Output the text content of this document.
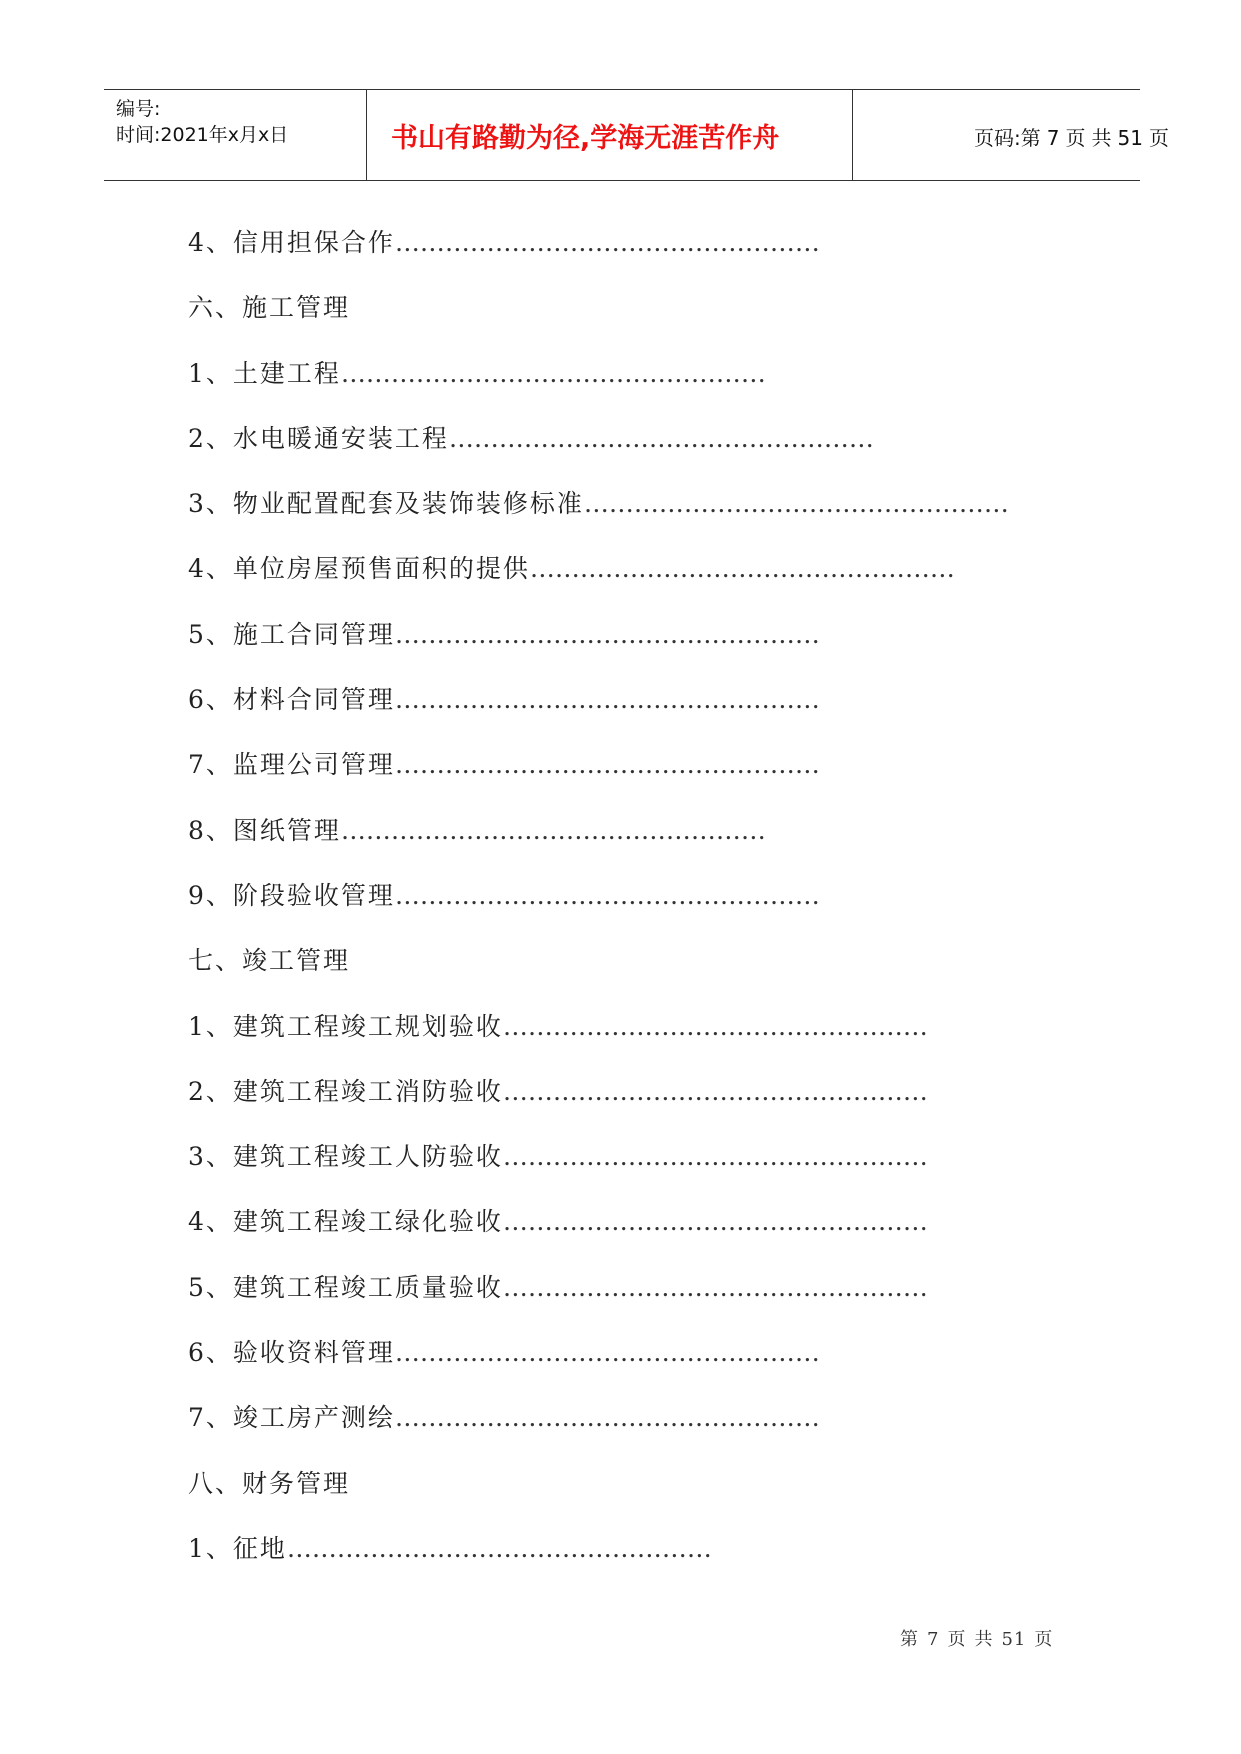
编号:
时间:2021年x月x日	书山有路勤为径,学海无涯苦作舟	页码:第 7 页 共 51 页
4、信用担保合作……………………………………………
六、施工管理
1、土建工程……………………………………………
2、水电暖通安装工程……………………………………………
3、物业配置配套及装饰装修标准……………………………………………
4、单位房屋预售面积的提供……………………………………………
5、施工合同管理……………………………………………
6、材料合同管理……………………………………………
7、监理公司管理……………………………………………
8、图纸管理……………………………………………
9、阶段验收管理……………………………………………
七、竣工管理
1、建筑工程竣工规划验收……………………………………………
2、建筑工程竣工消防验收……………………………………………
3、建筑工程竣工人防验收……………………………………………
4、建筑工程竣工绿化验收……………………………………………
5、建筑工程竣工质量验收……………………………………………
6、验收资料管理……………………………………………
7、竣工房产测绘……………………………………………
八、财务管理
1、征地……………………………………………
第 7 页 共 51 页
